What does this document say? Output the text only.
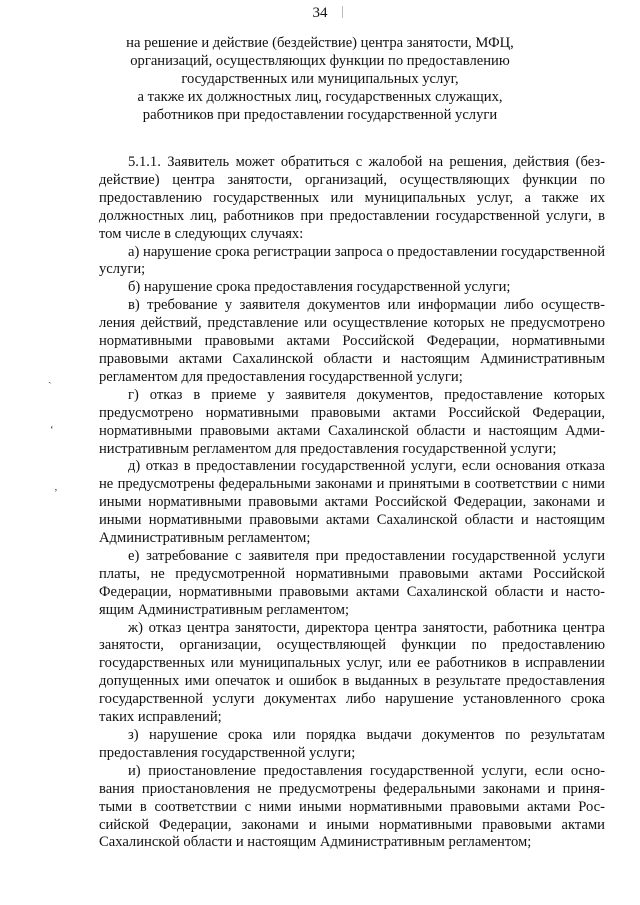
34
на решение и действие (бездействие) центра занятости, МФЦ,
организаций, осуществляющих функции по предоставлению
государственных или муниципальных услуг,
а также их должностных лиц, государственных служащих,
работников при предоставлении государственной услуги

5.1.1. Заявитель может обратиться с жалобой на решения, действия (бездействие) центра занятости, организаций, осуществляющих функции по предоставлению государственных или муниципальных услуг, а также их должностных лиц, работников при предоставлении государственной услуги, в том числе в следующих случаях:

а) нарушение срока регистрации запроса о предоставлении государственной услуги;

б) нарушение срока предоставления государственной услуги;

в) требование у заявителя документов или информации либо осуществления действий, представление или осуществление которых не предусмотрено нормативными правовыми актами Российской Федерации, нормативными правовыми актами Сахалинской области и настоящим Административным регламентом для предоставления государственной услуги;

г) отказ в приеме у заявителя документов, предоставление которых предусмотрено нормативными правовыми актами Российской Федерации, нормативными правовыми актами Сахалинской области и настоящим Административным регламентом для предоставления государственной услуги;

д) отказ в предоставлении государственной услуги, если основания отказа не предусмотрены федеральными законами и принятыми в соответствии с ними иными нормативными правовыми актами Российской Федерации, законами и иными нормативными правовыми актами Сахалинской области и настоящим Административным регламентом;

е) затребование с заявителя при предоставлении государственной услуги платы, не предусмотренной нормативными правовыми актами Российской Федерации, нормативными правовыми актами Сахалинской области и настоящим Административным регламентом;

ж) отказ центра занятости, директора центра занятости, работника центра занятости, организации, осуществляющей функции по предоставлению государственных или муниципальных услуг, или ее работников в исправлении допущенных ими опечаток и ошибок в выданных в результате предоставления государственной услуги документах либо нарушение установленного срока таких исправлений;

з) нарушение срока или порядка выдачи документов по результатам предоставления государственной услуги;

и) приостановление предоставления государственной услуги, если основания приостановления не предусмотрены федеральными законами и принятыми в соответствии с ними иными нормативными правовыми актами Российской Федерации, законами и иными нормативными правовыми актами Сахалинской области и настоящим Административным регламентом;

ˏ
ʻ
ʼ
